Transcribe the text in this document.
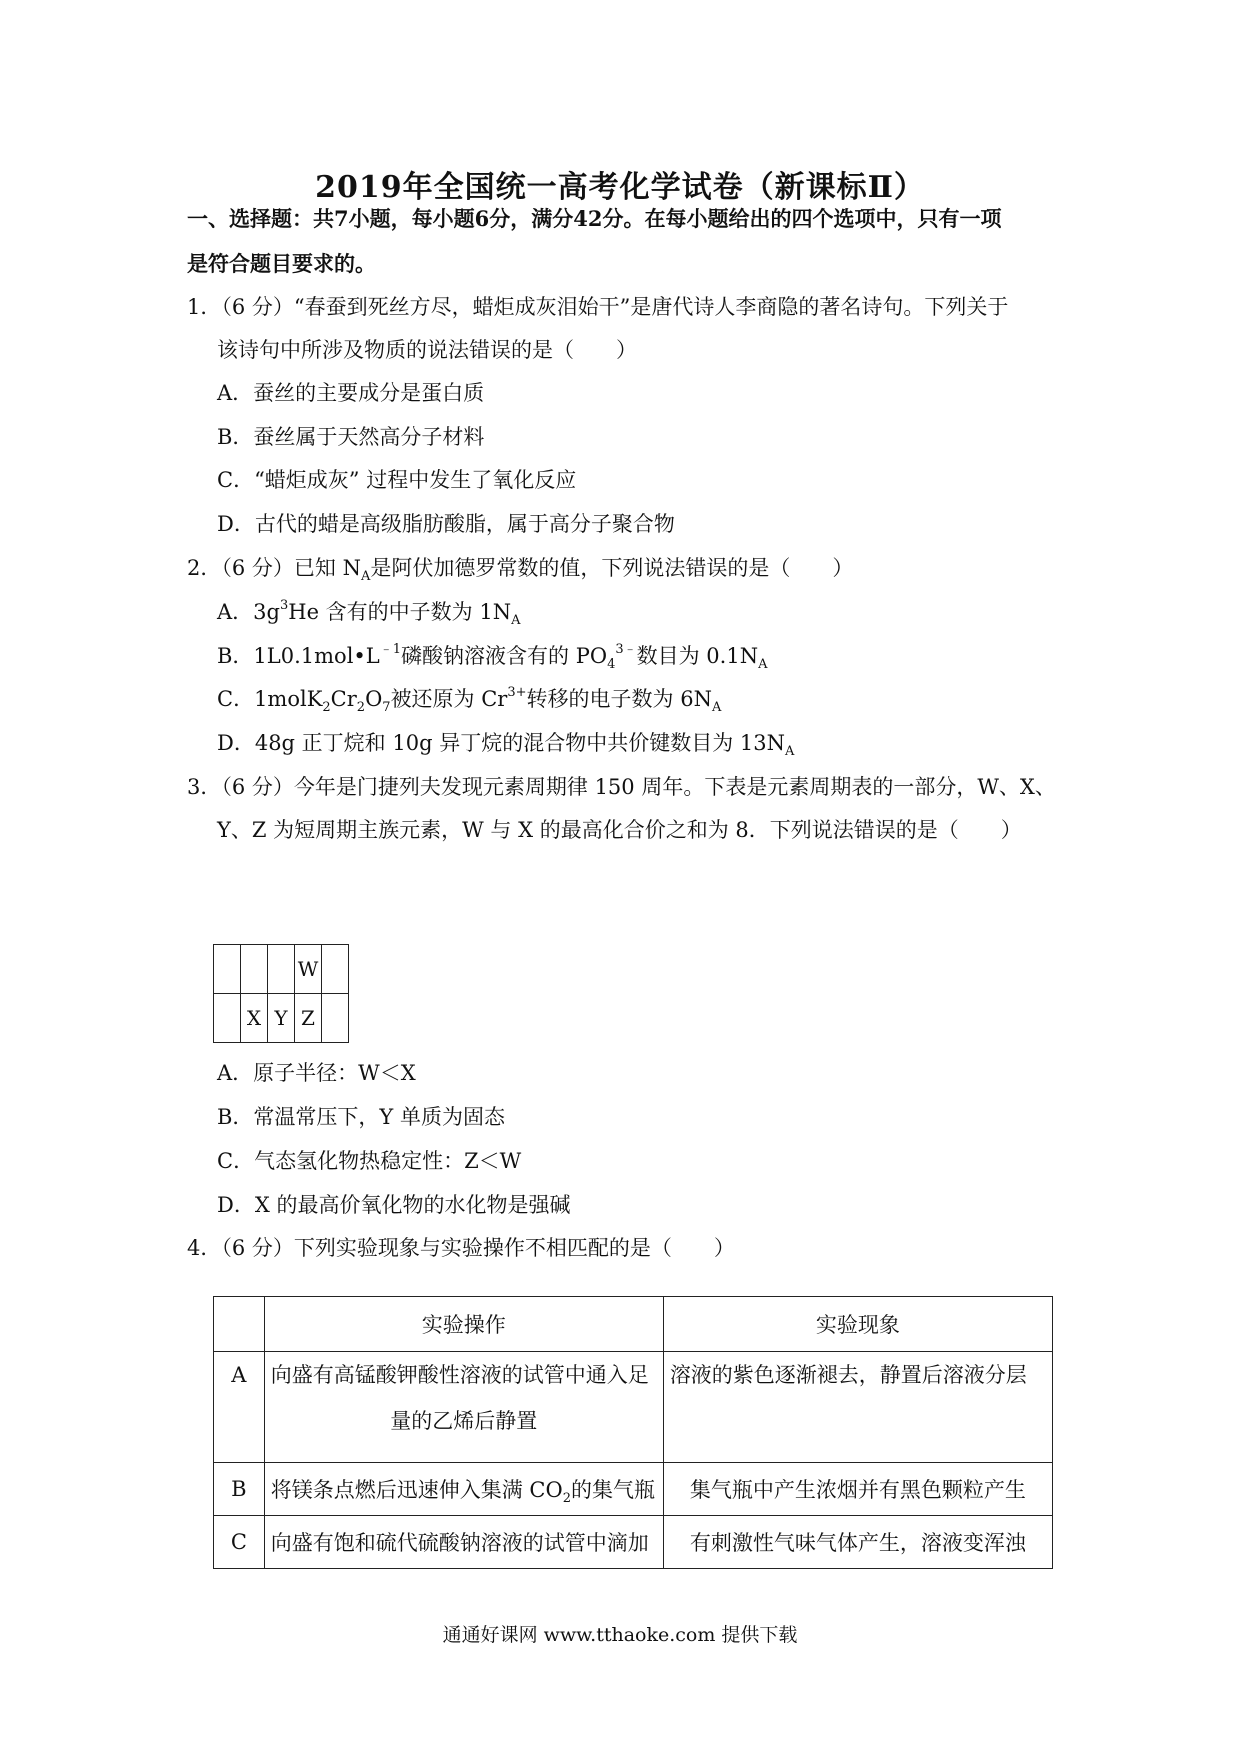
2019年全国统一高考化学试卷（新课标Ⅱ）
一、选择题：共7小题，每小题6分，满分42分。在每小题给出的四个选项中，只有一项
是符合题目要求的。
1．（6 分）“春蚕到死丝方尽，蜡炬成灰泪始干”是唐代诗人李商隐的著名诗句。下列关于
该诗句中所涉及物质的说法错误的是（　　）
A．蚕丝的主要成分是蛋白质
B．蚕丝属于天然高分子材料
C．“蜡炬成灰” 过程中发生了氧化反应
D．古代的蜡是高级脂肪酸脂，属于高分子聚合物
2．（6 分）已知 $N_A$是阿伏加德罗常数的值，下列说法错误的是（　　）
A．$3g^3He$ 含有的中子数为 $1N_A$
B．$1L0.1mol•L^{﹣1}$磷酸钠溶液含有的 $PO_4^{3﹣}$数目为 $0.1N_A$
C．$1molK_2Cr_2O_7$被还原为 $Cr^{3+}$转移的电子数为 $6N_A$
D．48g 正丁烷和 10g 异丁烷的混合物中共价键数目为 $13N_A$
3．（6 分）今年是门捷列夫发现元素周期律 150 周年。下表是元素周期表的一部分，W、X、
Y、Z 为短周期主族元素，W 与 X 的最高化合价之和为 8．下列说法错误的是（　　）
			W	
	X	Y	Z	
A．原子半径：W＜X
B．常温常压下，Y 单质为固态
C．气态氢化物热稳定性：Z＜W
D．X 的最高价氧化物的水化物是强碱
4．（6 分）下列实验现象与实验操作不相匹配的是（　　）
	实验操作	实验现象
A	向盛有高锰酸钾酸性溶液的试管中通入足
量的乙烯后静置	溶液的紫色逐渐褪去，静置后溶液分层
B	将镁条点燃后迅速伸入集满 $CO_2$的集气瓶	集气瓶中产生浓烟并有黑色颗粒产生
C	向盛有饱和硫代硫酸钠溶液的试管中滴加	有刺激性气味气体产生，溶液变浑浊
通通好课网 www.tthaoke.com 提供下载
